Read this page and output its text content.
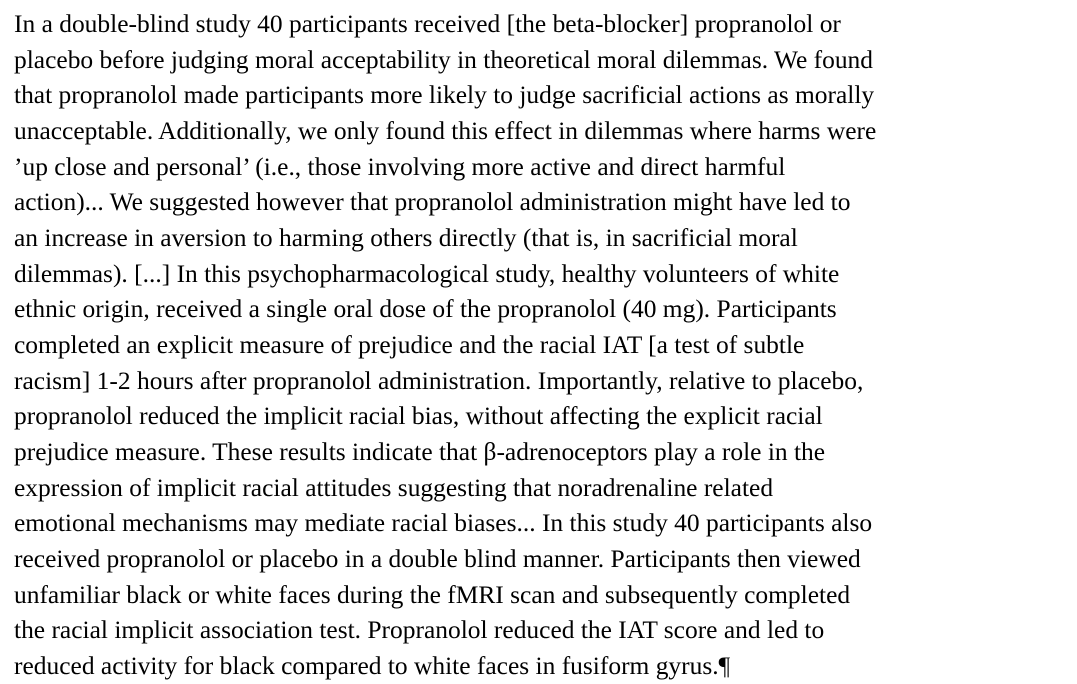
In a double-blind study 40 participants received [the beta-blocker] propranolol or
placebo before judging moral acceptability in theoretical moral dilemmas. We found
that propranolol made participants more likely to judge sacrificial actions as morally
unacceptable. Additionally, we only found this effect in dilemmas where harms were
’up close and personal’ (i.e., those involving more active and direct harmful
action)... We suggested however that propranolol administration might have led to
an increase in aversion to harming others directly (that is, in sacrificial moral
dilemmas). [...] In this psychopharmacological study, healthy volunteers of white
ethnic origin, received a single oral dose of the propranolol (40 mg). Participants
completed an explicit measure of prejudice and the racial IAT [a test of subtle
racism] 1-2 hours after propranolol administration. Importantly, relative to placebo,
propranolol reduced the implicit racial bias, without affecting the explicit racial
prejudice measure. These results indicate that β-adrenoceptors play a role in the
expression of implicit racial attitudes suggesting that noradrenaline related
emotional mechanisms may mediate racial biases... In this study 40 participants also
received propranolol or placebo in a double blind manner. Participants then viewed
unfamiliar black or white faces during the fMRI scan and subsequently completed
the racial implicit association test. Propranolol reduced the IAT score and led to
reduced activity for black compared to white faces in fusiform gyrus.¶
